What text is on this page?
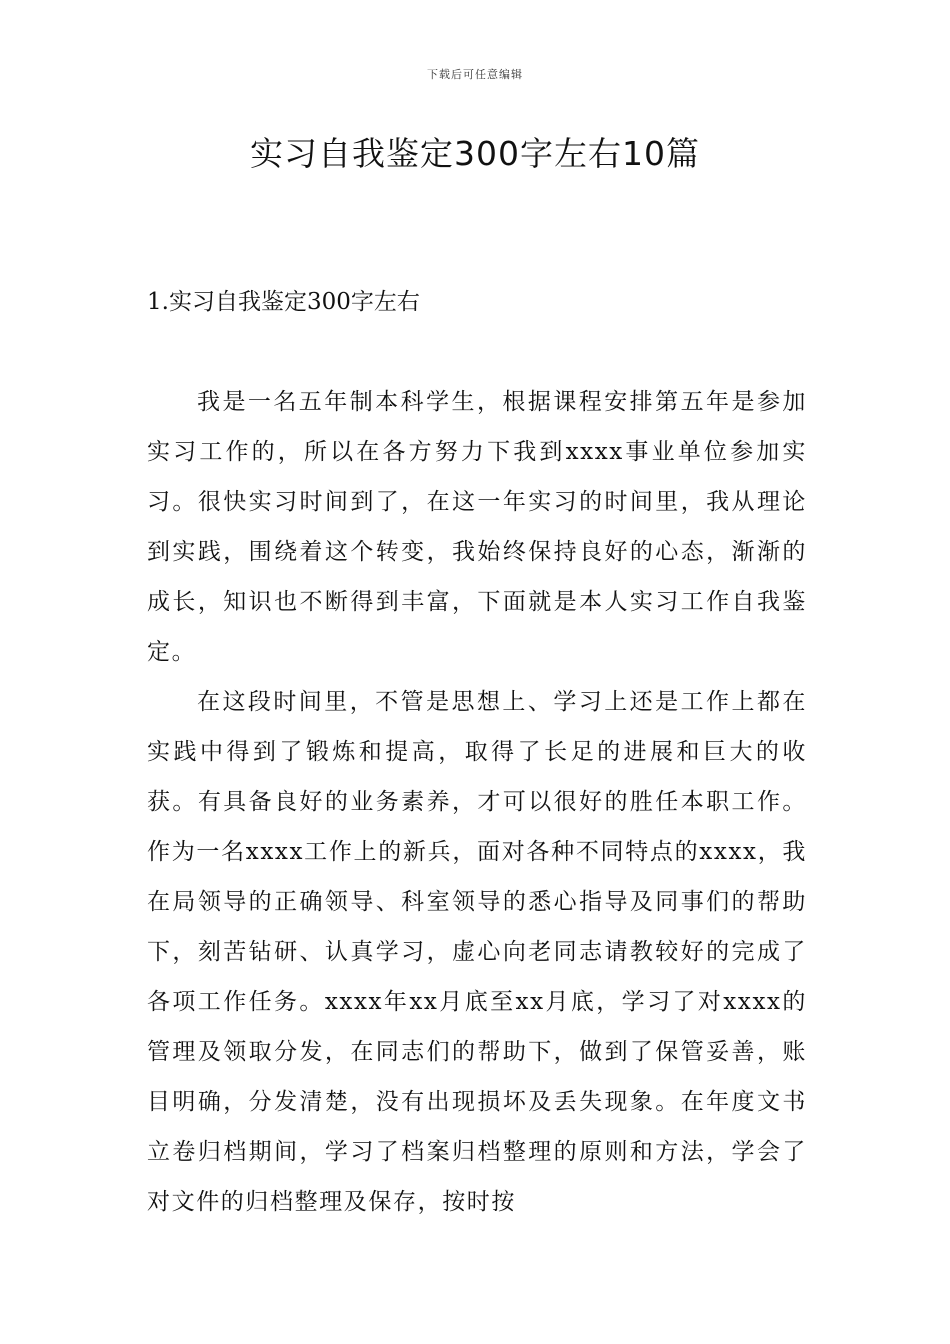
下载后可任意编辑
实习自我鉴定300字左右10篇
1.实习自我鉴定300字左右

我是一名五年制本科学生，根据课程安排第五年是参加实习工作的，所以在各方努力下我到xxxx事业单位参加实习。很快实习时间到了，在这一年实习的时间里，我从理论到实践，围绕着这个转变，我始终保持良好的心态，渐渐的成长，知识也不断得到丰富，下面就是本人实习工作自我鉴定。

在这段时间里，不管是思想上、学习上还是工作上都在实践中得到了锻炼和提高，取得了长足的进展和巨大的收获。有具备良好的业务素养，才可以很好的胜任本职工作。作为一名xxxx工作上的新兵，面对各种不同特点的xxxx，我在局领导的正确领导、科室领导的悉心指导及同事们的帮助下，刻苦钻研、认真学习，虚心向老同志请教较好的完成了各项工作任务。xxxx年xx月底至xx月底，学习了对xxxx的管理及领取分发，在同志们的帮助下，做到了保管妥善，账目明确，分发清楚，没有出现损坏及丢失现象。在年度文书立卷归档期间，学习了档案归档整理的原则和方法，学会了对文件的归档整理及保存，按时按
